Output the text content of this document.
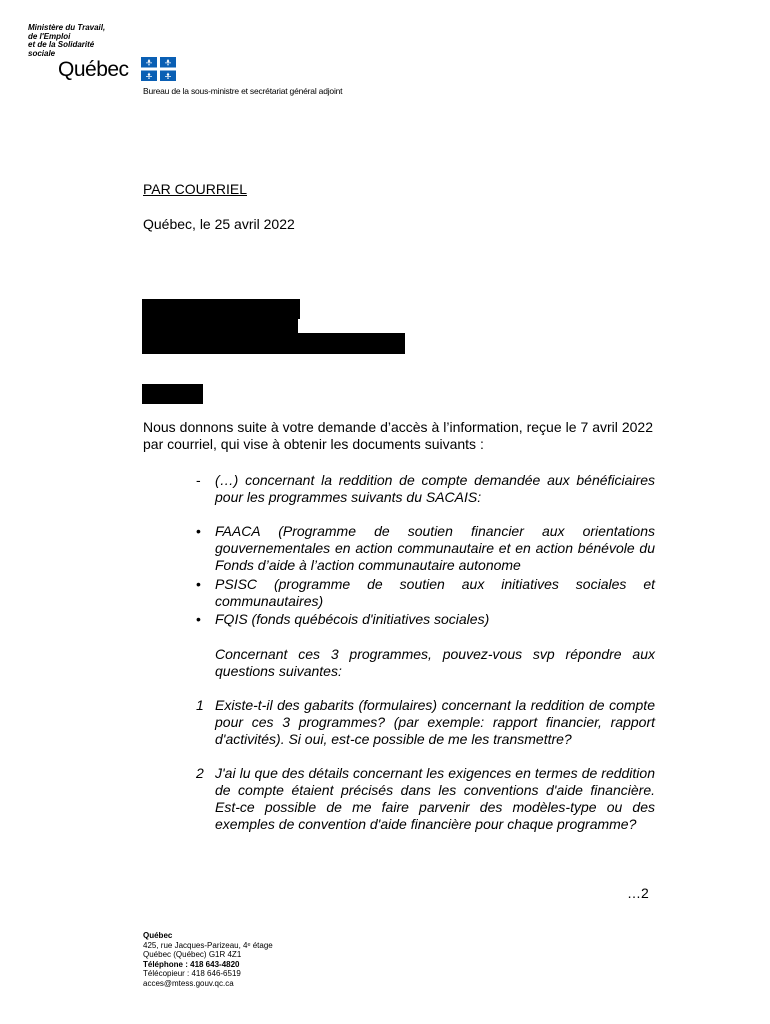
Ministère du Travail,
de l'Emploi
et de la Solidarité
sociale
Québec
Bureau de la sous-ministre et secrétariat général adjoint
PAR COURRIEL
Québec, le 25 avril 2022
Nous donnons suite à votre demande d’accès à l’information, reçue le 7 avril 2022 par courriel, qui vise à obtenir les documents suivants :
- (…) concernant la reddition de compte demandée aux bénéficiaires pour les programmes suivants du SACAIS:
• FAACA (Programme de soutien financier aux orientations gouvernementales en action communautaire et en action bénévole du Fonds d’aide à l’action communautaire autonome
• PSISC (programme de soutien aux initiatives sociales et communautaires)
• FQIS (fonds québécois d'initiatives sociales)
Concernant ces 3 programmes, pouvez-vous svp répondre aux questions suivantes:
1 Existe-t-il des gabarits (formulaires) concernant la reddition de compte pour ces 3 programmes? (par exemple: rapport financier, rapport d'activités). Si oui, est-ce possible de me les transmettre?
2 J'ai lu que des détails concernant les exigences en termes de reddition de compte étaient précisés dans les conventions d'aide financière. Est-ce possible de me faire parvenir des modèles-type ou des exemples de convention d'aide financière pour chaque programme?
…2
Québec
425, rue Jacques-Parizeau, 4ᵉ étage
Québec (Québec) G1R 4Z1
Téléphone : 418 643-4820
Télécopieur : 418 646-6519
acces@mtess.gouv.qc.ca
